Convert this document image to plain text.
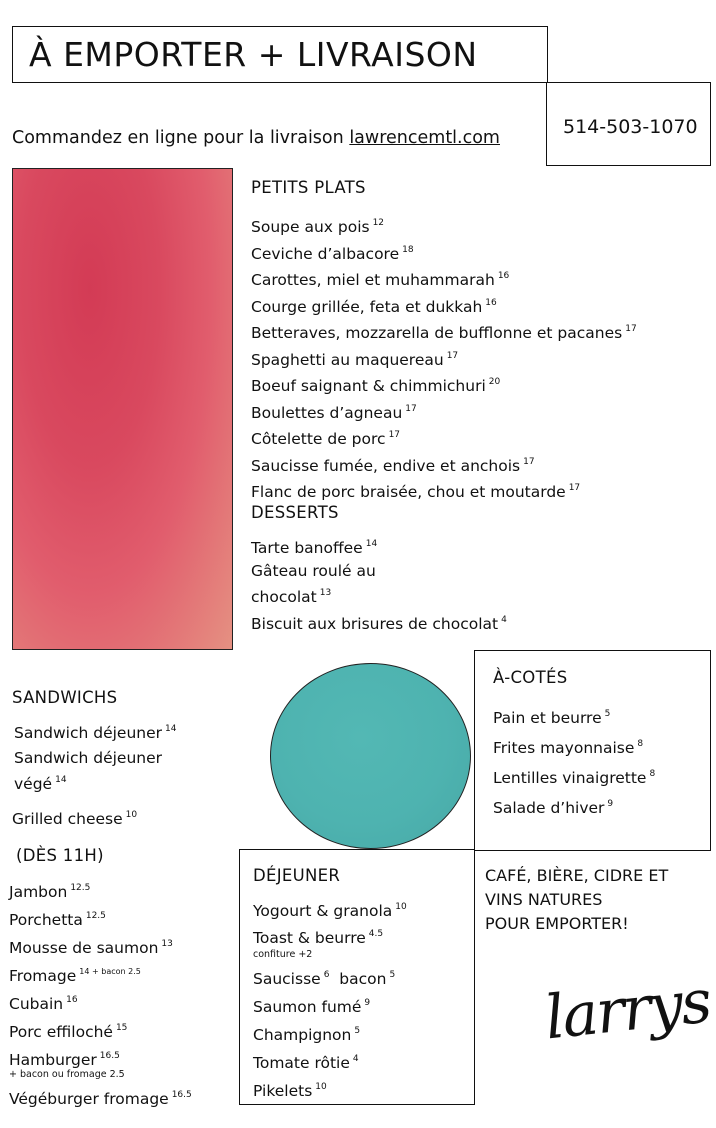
À EMPORTER + LIVRAISON
514-503-1070
Commandez en ligne pour la livraison lawrencemtl.com
PETITS PLATS
Soupe aux pois $^{12}$
Ceviche d’albacore $^{18}$
Carottes, miel et muhammarah $^{16}$
Courge grillée, feta et dukkah $^{16}$
Betteraves, mozzarella de bufflonne et pacanes $^{17}$
Spaghetti au maquereau $^{17}$
Boeuf saignant & chimmichuri $^{20}$
Boulettes d’agneau $^{17}$
Côtelette de porc $^{17}$
Saucisse fumée, endive et anchois $^{17}$
Flanc de porc braisée, chou et moutarde $^{17}$
DESSERTS
Tarte banoffee $^{14}$
Gâteau roulé au
chocolat $^{13}$
Biscuit aux brisures de chocolat $^4$
SANDWICHS
Sandwich déjeuner $^{14}$
Sandwich déjeuner
végé $^{14}$
Grilled cheese $^{10}$
(DÈS 11H)
Jambon $^{12.5}$
Porchetta $^{12.5}$
Mousse de saumon $^{13}$
Fromage $^{14 + bacon 2.5}$
Cubain $^{16}$
Porc effiloché $^{15}$
Hamburger $^{16.5}$
+ bacon ou fromage 2.5
Végéburger fromage $^{16.5}$
À-COTÉS
Pain et beurre $^5$
Frites mayonnaise $^8$
Lentilles vinaigrette $^8$
Salade d’hiver $^9$
DÉJEUNER
Yogourt & granola $^{10}$
Toast & beurre $^{4.5}$
confiture +2
Saucisse $^6$ bacon $^5$
Saumon fumé $^9$
Champignon $^5$
Tomate rôtie $^4$
Pikelets $^{10}$
CAFÉ, BIÈRE, CIDRE ET
VINS NATURES
POUR EMPORTER!
larrys
